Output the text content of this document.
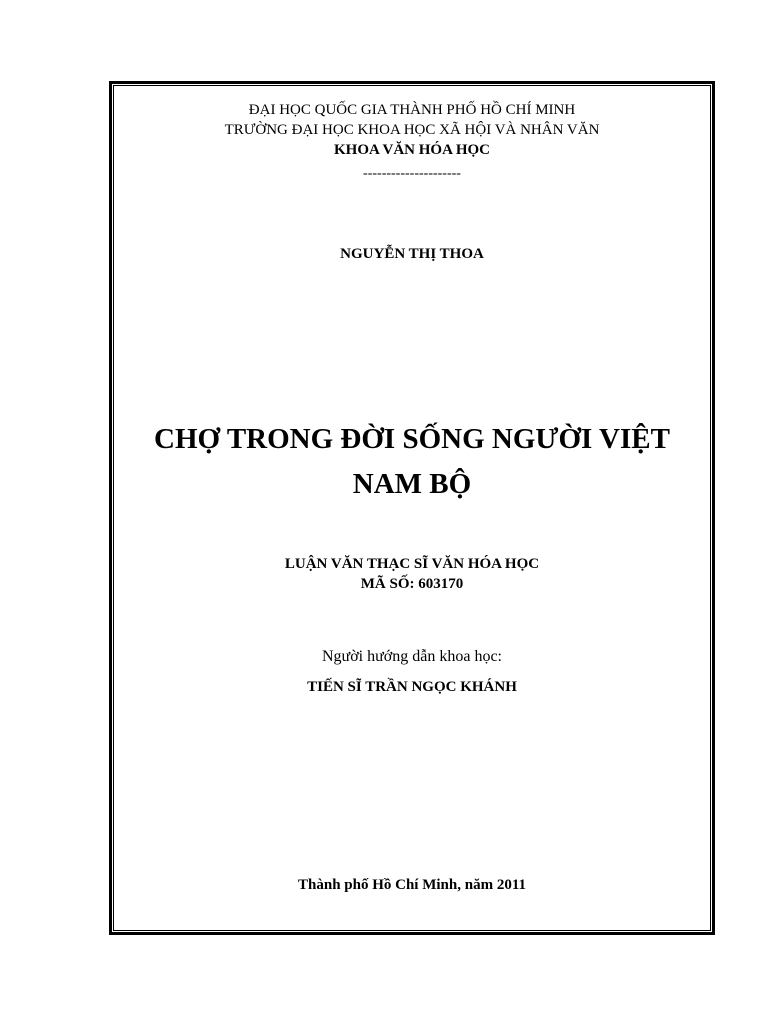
ĐẠI HỌC QUỐC GIA THÀNH PHỐ HỒ CHÍ MINH
TRƯỜNG ĐẠI HỌC KHOA HỌC XÃ HỘI VÀ NHÂN VĂN
KHOA VĂN HÓA HỌC
---------------------
NGUYỄN THỊ THOA
CHỢ TRONG ĐỜI SỐNG NGƯỜI VIỆT
NAM BỘ
LUẬN VĂN THẠC SĨ VĂN HÓA HỌC
MÃ SỐ: 603170
Người hướng dẫn khoa học:
TIẾN SĨ TRẦN NGỌC KHÁNH
Thành phố Hồ Chí Minh, năm 2011
